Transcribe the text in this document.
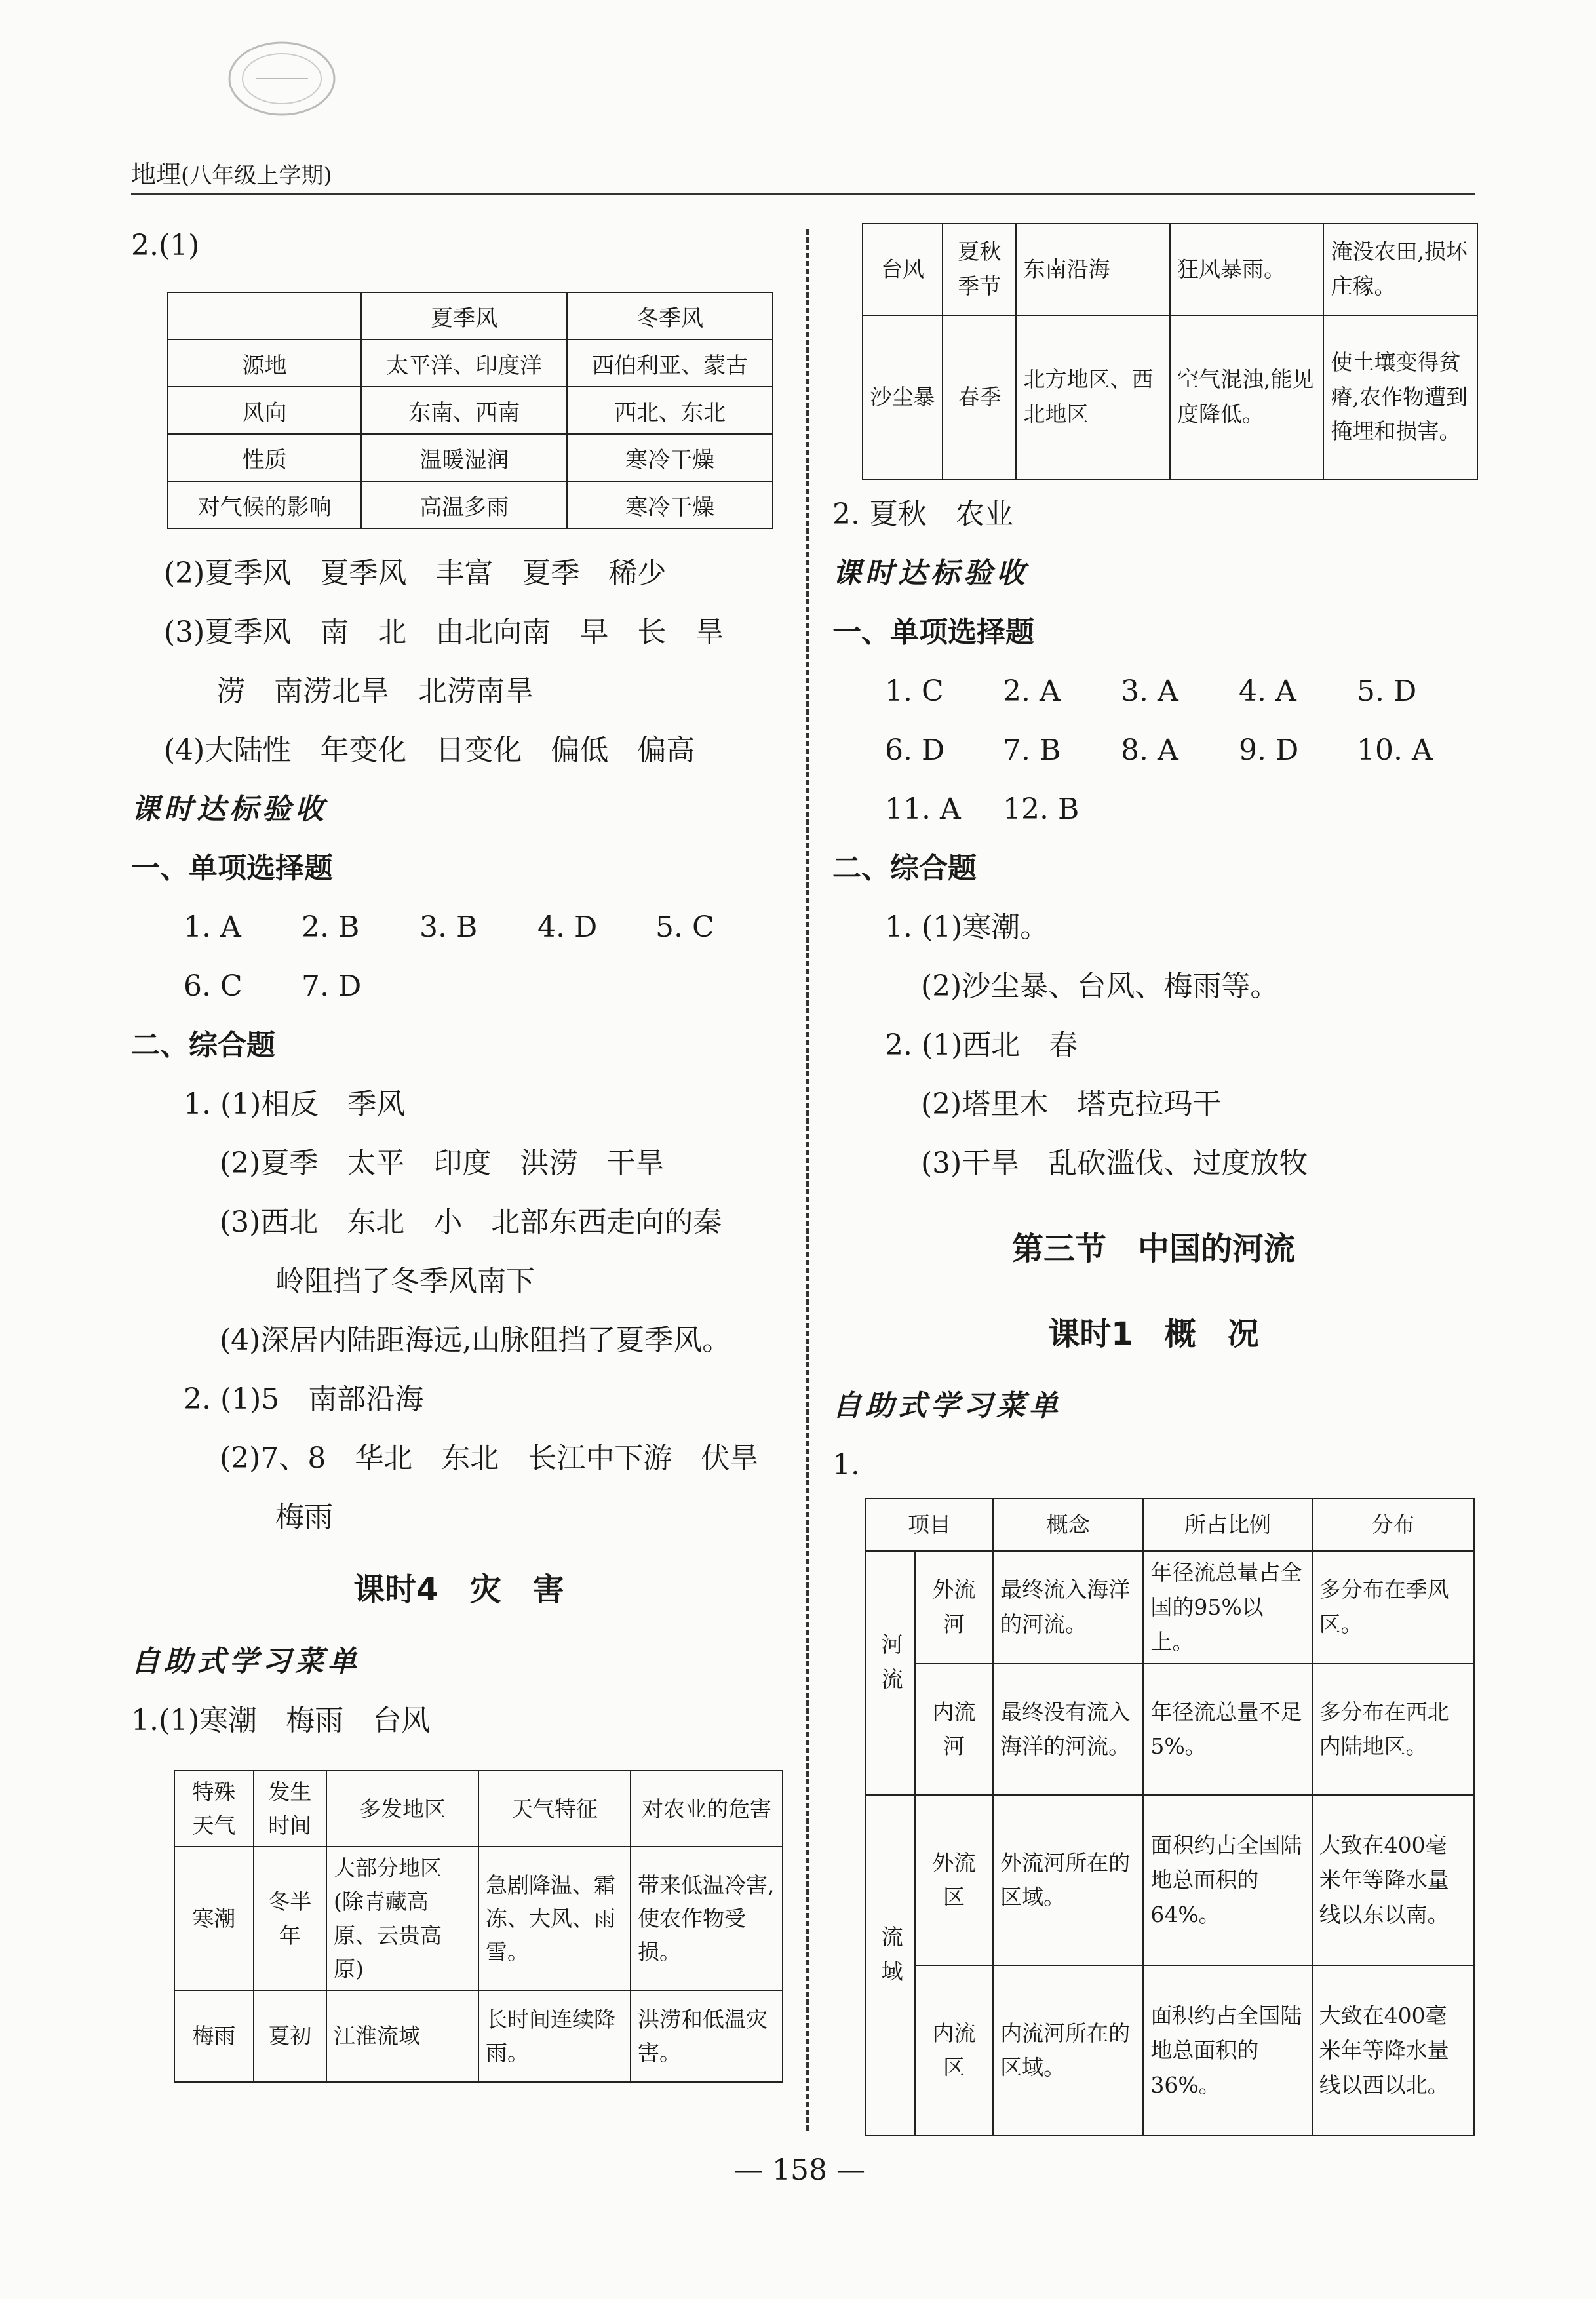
地理(八年级上学期)
2.(1)
	夏季风	冬季风
源地	太平洋、印度洋	西伯利亚、蒙古
风向	东南、西南	西北、东北
性质	温暖湿润	寒冷干燥
对气候的影响	高温多雨	寒冷干燥
(2)夏季风　夏季风　丰富　夏季　稀少
(3)夏季风　南　北　由北向南　早　长　旱
涝　南涝北旱　北涝南旱
(4)大陆性　年变化　日变化　偏低　偏高
课时达标验收
一、单项选择题
1. A 2. B 3. B 4. D 5. C
6. C 7. D
二、综合题
1. (1)相反　季风
(2)夏季　太平　印度　洪涝　干旱
(3)西北　东北　小　北部东西走向的秦
岭阻挡了冬季风南下
(4)深居内陆距海远,山脉阻挡了夏季风。
2. (1)5　南部沿海
(2)7、8　华北　东北　长江中下游　伏旱
梅雨
课时4　灾　害
自助式学习菜单
1.(1)寒潮　梅雨　台风
特殊天气	发生时间	多发地区	天气特征	对农业的危害
寒潮	冬半年	大部分地区(除青藏高原、云贵高原)	急剧降温、霜冻、大风、雨雪。	带来低温冷害,使农作物受损。
梅雨	夏初	江淮流域	长时间连续降雨。	洪涝和低温灾害。
台风	夏秋季节	东南沿海	狂风暴雨。	淹没农田,损坏庄稼。
沙尘暴	春季	北方地区、西北地区	空气混浊,能见度降低。	使土壤变得贫瘠,农作物遭到掩埋和损害。
2. 夏秋　农业
课时达标验收
一、单项选择题
1. C 2. A 3. A 4. A 5. D
6. D 7. B 8. A 9. D 10. A
11. A 12. B
二、综合题
1. (1)寒潮。
(2)沙尘暴、台风、梅雨等。
2. (1)西北　春
(2)塔里木　塔克拉玛干
(3)干旱　乱砍滥伐、过度放牧
第三节　中国的河流
课时1　概　况
自助式学习菜单
1.
项目		概念	所占比例	分布
河流	外流河	最终流入海洋的河流。	年径流总量占全国的95%以上。	多分布在季风区。
	内流河	最终没有流入海洋的河流。	年径流总量不足5%。	多分布在西北内陆地区。
流域	外流区	外流河所在的区域。	面积约占全国陆地总面积的64%。	大致在400毫米年等降水量线以东以南。
	内流区	内流河所在的区域。	面积约占全国陆地总面积的36%。	大致在400毫米年等降水量线以西以北。
— 158 —
